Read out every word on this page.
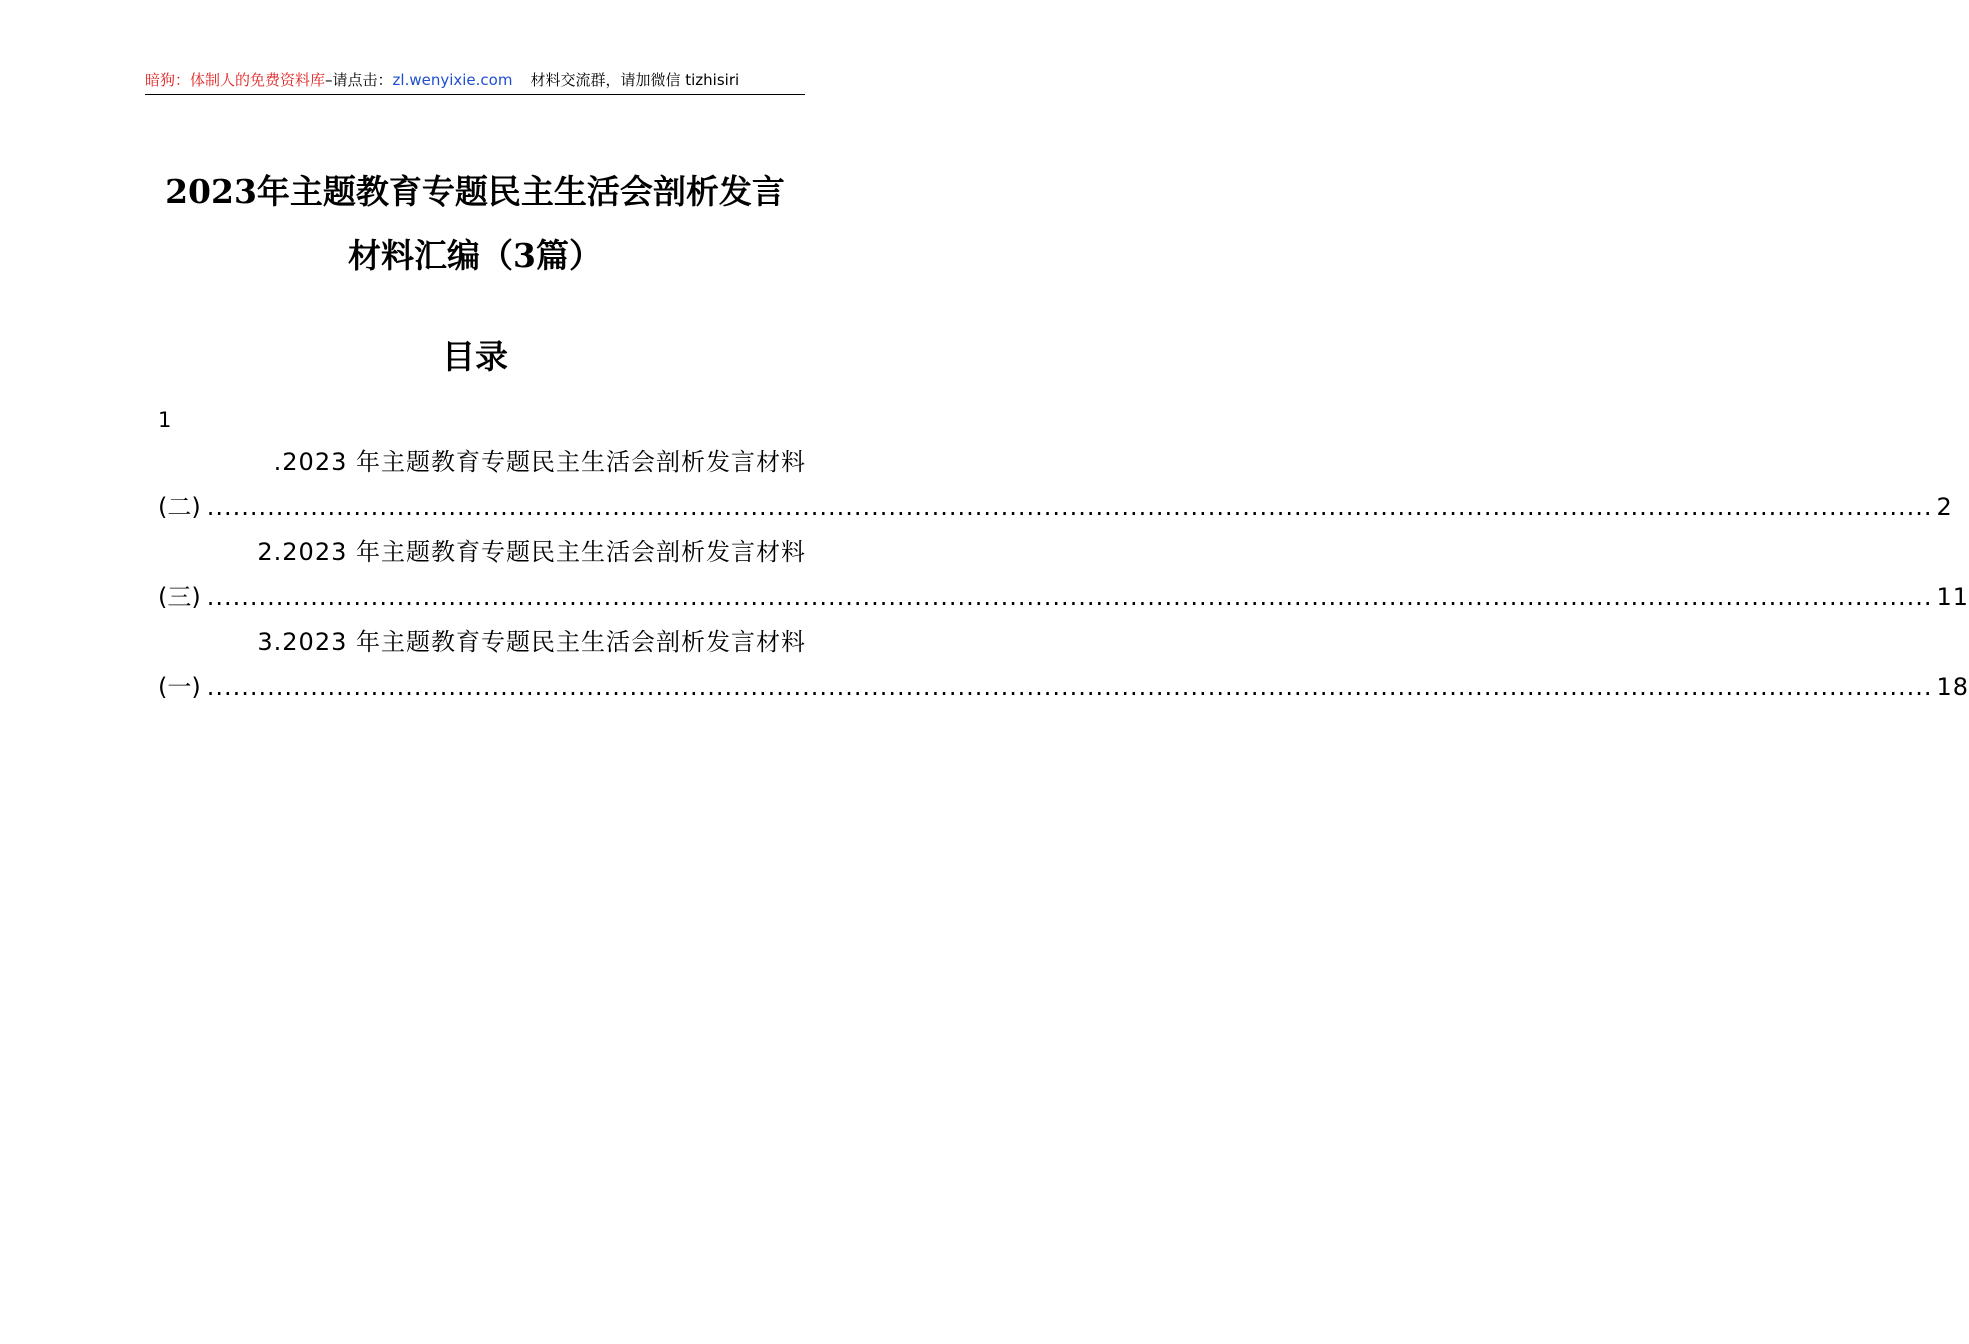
暗狗：体制人的免费资料库–请点击：zl.wenyixie.com 材料交流群，请加微信 tizhisiri
2023年主题教育专题民主生活会剖析发言
材料汇编（3篇）
目录
1
.2023 年主题教育专题民主生活会剖析发言材料
(二) ........................................................................................................................................................................................................ 2
2.2023 年主题教育专题民主生活会剖析发言材料
(三) ........................................................................................................................................................................................................ 11
3.2023 年主题教育专题民主生活会剖析发言材料
(一) ........................................................................................................................................................................................................ 18
